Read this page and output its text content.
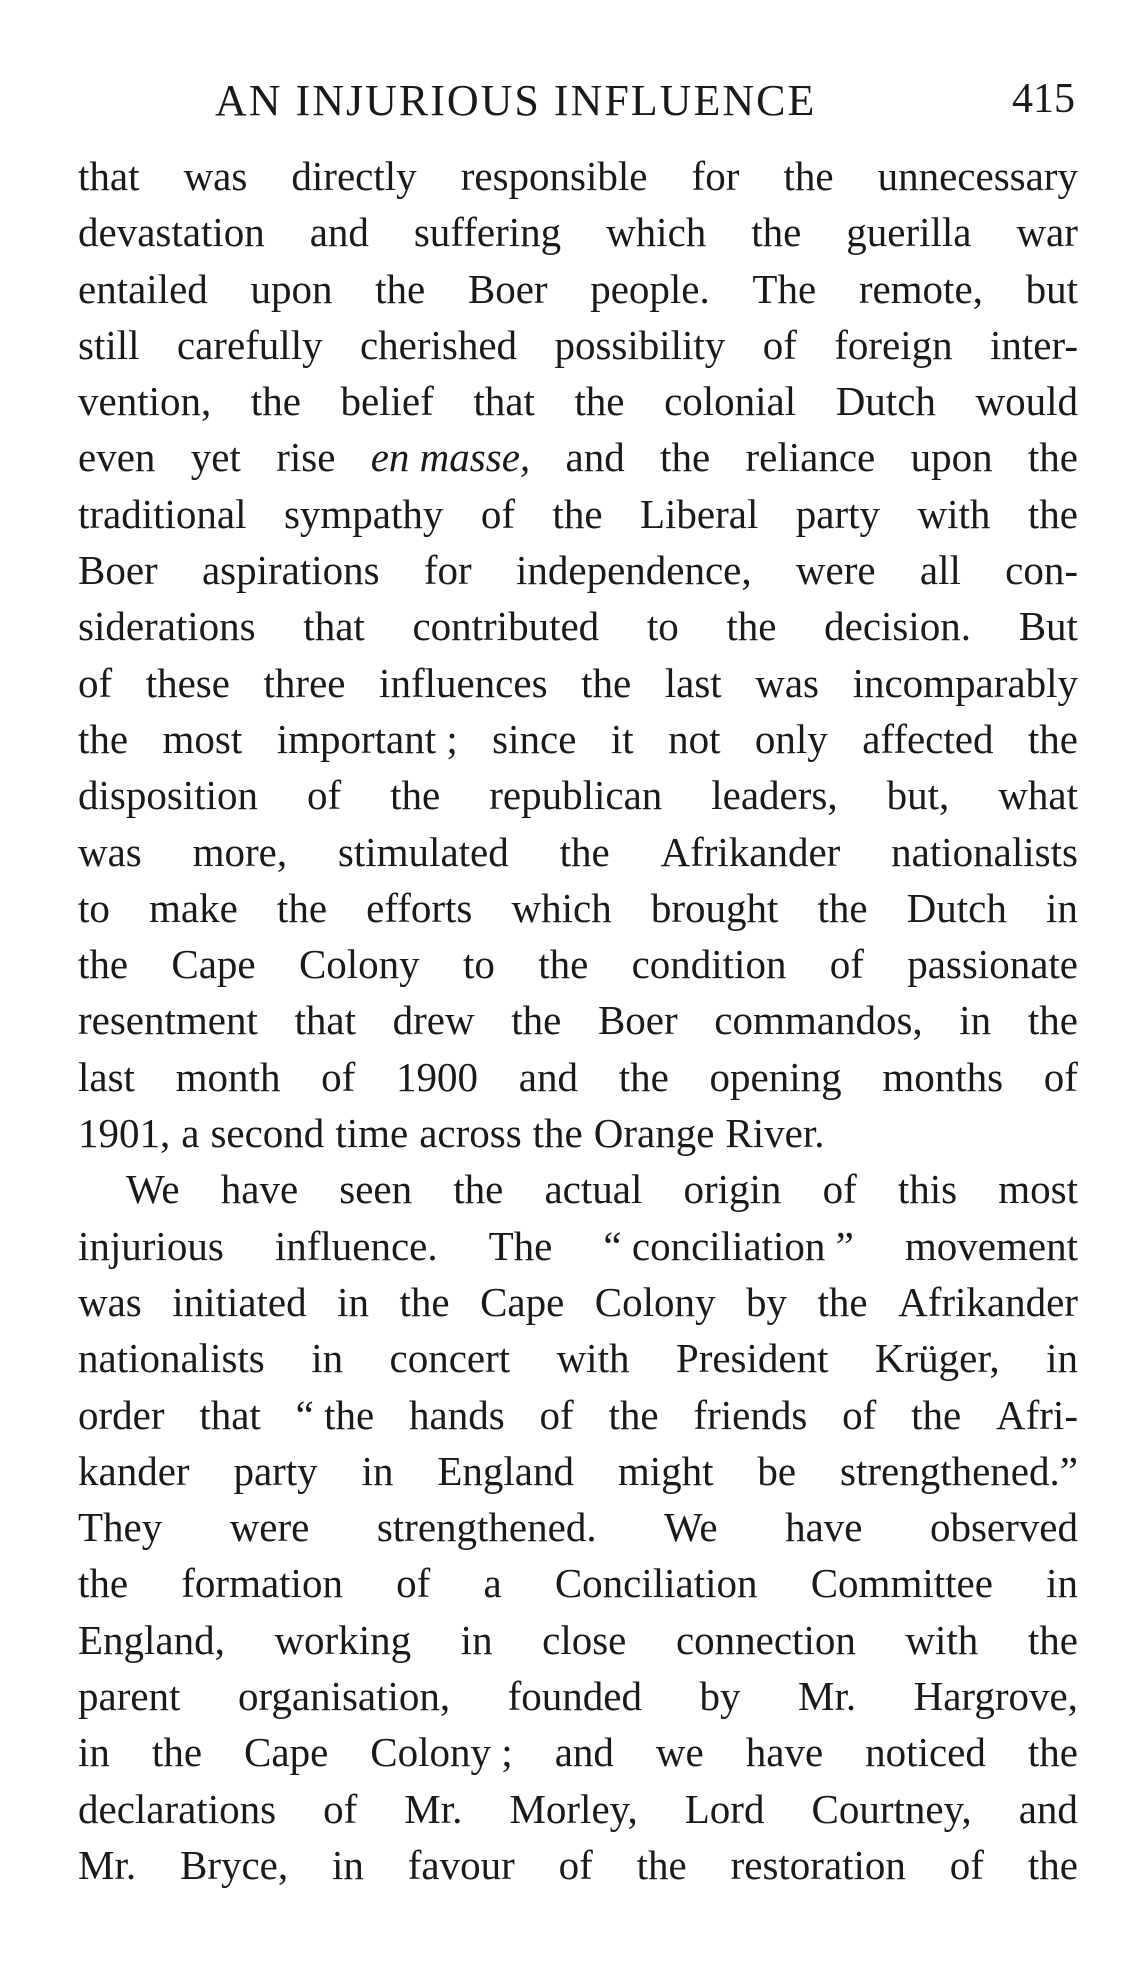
AN INJURIOUS INFLUENCE	415
that was directly responsible for the unnecessary
devastation and suffering which the guerilla war
entailed upon the Boer people. The remote, but
still carefully cherished possibility of foreign inter-
vention, the belief that the colonial Dutch would
even yet rise en masse, and the reliance upon the
traditional sympathy of the Liberal party with the
Boer aspirations for independence, were all con-
siderations that contributed to the decision. But
of these three influences the last was incomparably
the most important ; since it not only affected the
disposition of the republican leaders, but, what
was more, stimulated the Afrikander nationalists
to make the efforts which brought the Dutch in
the Cape Colony to the condition of passionate
resentment that drew the Boer commandos, in the
last month of 1900 and the opening months of
1901, a second time across the Orange River.
We have seen the actual origin of this most
injurious influence. The “ conciliation ” movement
was initiated in the Cape Colony by the Afrikander
nationalists in concert with President Krüger, in
order that “ the hands of the friends of the Afri-
kander party in England might be strengthened.”
They were strengthened. We have observed
the formation of a Conciliation Committee in
England, working in close connection with the
parent organisation, founded by Mr. Hargrove,
in the Cape Colony ; and we have noticed the
declarations of Mr. Morley, Lord Courtney, and
Mr. Bryce, in favour of the restoration of the
